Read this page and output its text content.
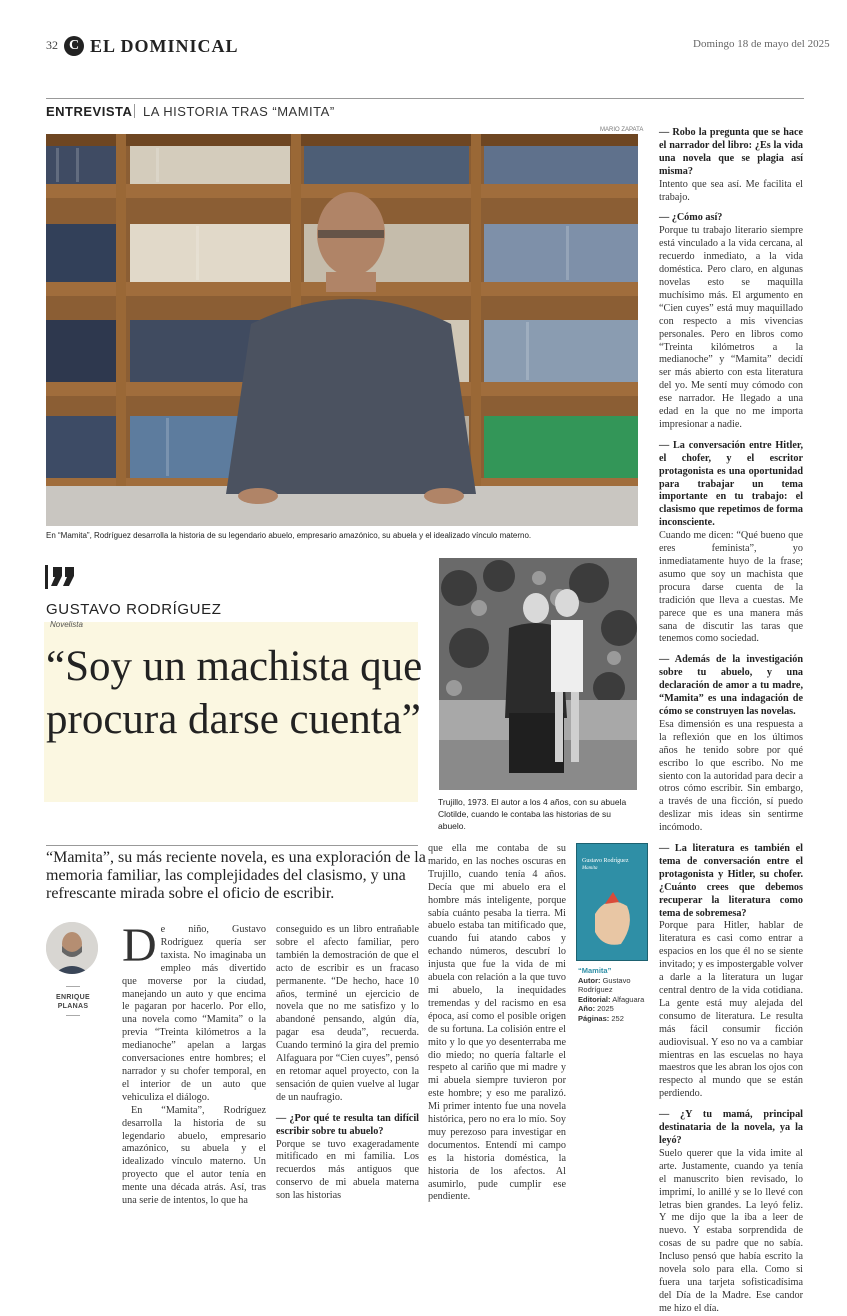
32 C EL DOMINICAL	Domingo 18 de mayo del 2025
ENTREVISTA LA HISTORIA TRAS “MAMITA”
MARIO ZAPATA
En “Mamita”, Rodríguez desarrolla la historia de su legendario abuelo, empresario amazónico, su abuela y el idealizado vínculo materno.
GUSTAVO RODRÍGUEZ
Novelista
“Soy un machista que procura darse cuenta”
Trujillo, 1973. El autor a los 4 años, con su abuela Clotilde, cuando le contaba las historias de su abuelo.
“Mamita”, su más reciente novela, es una exploración de la memoria familiar, las complejidades del clasismo, y una refrescante mirada sobre el oficio de escribir.
ENRIQUE
PLANAS
D e niño, Gustavo Rodríguez quería ser taxista. No imaginaba un empleo más divertido que moverse por la ciudad, manejando un auto y que encima le pagaran por hacerlo. Por ello, una novela como “Mamita” o la previa “Treinta kilómetros a la medianoche” apelan a largas conversaciones entre hombres; el narrador y su chofer temporal, en el interior de un auto que vehiculiza el diálogo.

En “Mamita”, Rodríguez desarrolla la historia de su legendario abuelo, empresario amazónico, su abuela y el idealizado vínculo materno. Un proyecto que el autor tenía en mente una década atrás. Así, tras una serie de intentos, lo que ha

conseguido es un libro entrañable sobre el afecto familiar, pero también la demostración de que el acto de escribir es un fracaso permanente. “De hecho, hace 10 años, terminé un ejercicio de novela que no me satisfizo y lo abandoné pensando, algún día, pagar esa deuda”, recuerda. Cuando terminó la gira del premio Alfaguara por “Cien cuyes”, pensó en retomar aquel proyecto, con la sensación de quien vuelve al lugar de un naufragio.

— ¿Por qué te resulta tan difícil escribir sobre tu abuelo?

Porque se tuvo exageradamente mitificado en mi familia. Los recuerdos más antiguos que conservo de mi abuela materna son las historias

que ella me contaba de su marido, en las noches oscuras en Trujillo, cuando tenía 4 años. Decía que mi abuelo era el hombre más inteligente, porque sabía cuánto pesaba la tierra. Mi abuelo estaba tan mitificado que, cuando fui atando cabos y echando números, descubrí lo injusta que fue la vida de mi abuela con relación a la que tuvo mi abuelo, la inequidades tremendas y del racismo en esa época, así como el posible origen de su fortuna. La colisión entre el mito y lo que yo desenterraba me dio miedo; no quería faltarle el respeto al cariño que mi madre y mi abuela siempre tuvieron por este hombre; y eso me paralizó. Mi primer intento fue una novela histórica, pero no era lo mío. Soy muy perezoso para investigar en documentos. Entendí mi campo es la historia doméstica, la historia de los afectos. Al asumirlo, pude cumplir ese pendiente.

Gustavo Rodríguez
Mamita
“Mamita”
Autor: Gustavo Rodríguez
Editorial: Alfaguara
Año: 2025
Páginas: 252

— Robo la pregunta que se hace el narrador del libro: ¿Es la vida una novela que se plagia así misma?

Intento que sea así. Me facilita el trabajo.

— ¿Cómo así?

Porque tu trabajo literario siempre está vinculado a la vida cercana, al recuerdo inmediato, a la vida doméstica. Pero claro, en algunas novelas esto se maquilla muchísimo más. El argumento en “Cien cuyes” está muy maquillado con respecto a mis vivencias personales. Pero en libros como “Treinta kilómetros a la medianoche” y “Mamita” decidí ser más abierto con esta literatura del yo. Me sentí muy cómodo con ese narrador. He llegado a una edad en la que no me importa impresionar a nadie.

— La conversación entre Hitler, el chofer, y el escritor protagonista es una oportunidad para trabajar un tema importante en tu trabajo: el clasismo que repetimos de forma inconsciente.

Cuando me dicen: “Qué bueno que eres feminista”, yo inmediatamente huyo de la frase; asumo que soy un machista que procura darse cuenta de la tradición que lleva a cuestas. Me parece que es una manera más sana de discutir las taras que tenemos como sociedad.

— Además de la investigación sobre tu abuelo, y una declaración de amor a tu madre, “Mamita” es una indagación de cómo se construyen las novelas.

Esa dimensión es una respuesta a la reflexión que en los últimos años he tenido sobre por qué escribo lo que escribo. No me siento con la autoridad para decir a otros cómo escribir. Sin embargo, a través de una ficción, sí puedo deslizar mis ideas sin sentirme incómodo.

— La literatura es también el tema de conversación entre el protagonista y Hitler, su chofer. ¿Cuánto crees que debemos recuperar la literatura como tema de sobremesa?

Porque para Hitler, hablar de literatura es casi como entrar a espacios en los que él no se siente invitado; y es impostergable volver a darle a la literatura un lugar central dentro de la vida cotidiana. La gente está muy alejada del consumo de literatura. Le resulta más fácil consumir ficción audiovisual. Y eso no va a cambiar mientras en las escuelas no haya maestros que les abran los ojos con respecto al mundo que se están perdiendo.

— ¿Y tu mamá, principal destinataria de la novela, ya la leyó?

Suelo querer que la vida imite al arte. Justamente, cuando ya tenía el manuscrito bien revisado, lo imprimí, lo anillé y se lo llevé con letras bien grandes. La leyó feliz. Y me dijo que la iba a leer de nuevo. Y estaba sorprendida de cosas de su padre que no sabía. Incluso pensó que había escrito la novela solo para ella. Como si fuera una tarjeta sofisticadísima del Día de la Madre. Ese candor me hizo el día.
